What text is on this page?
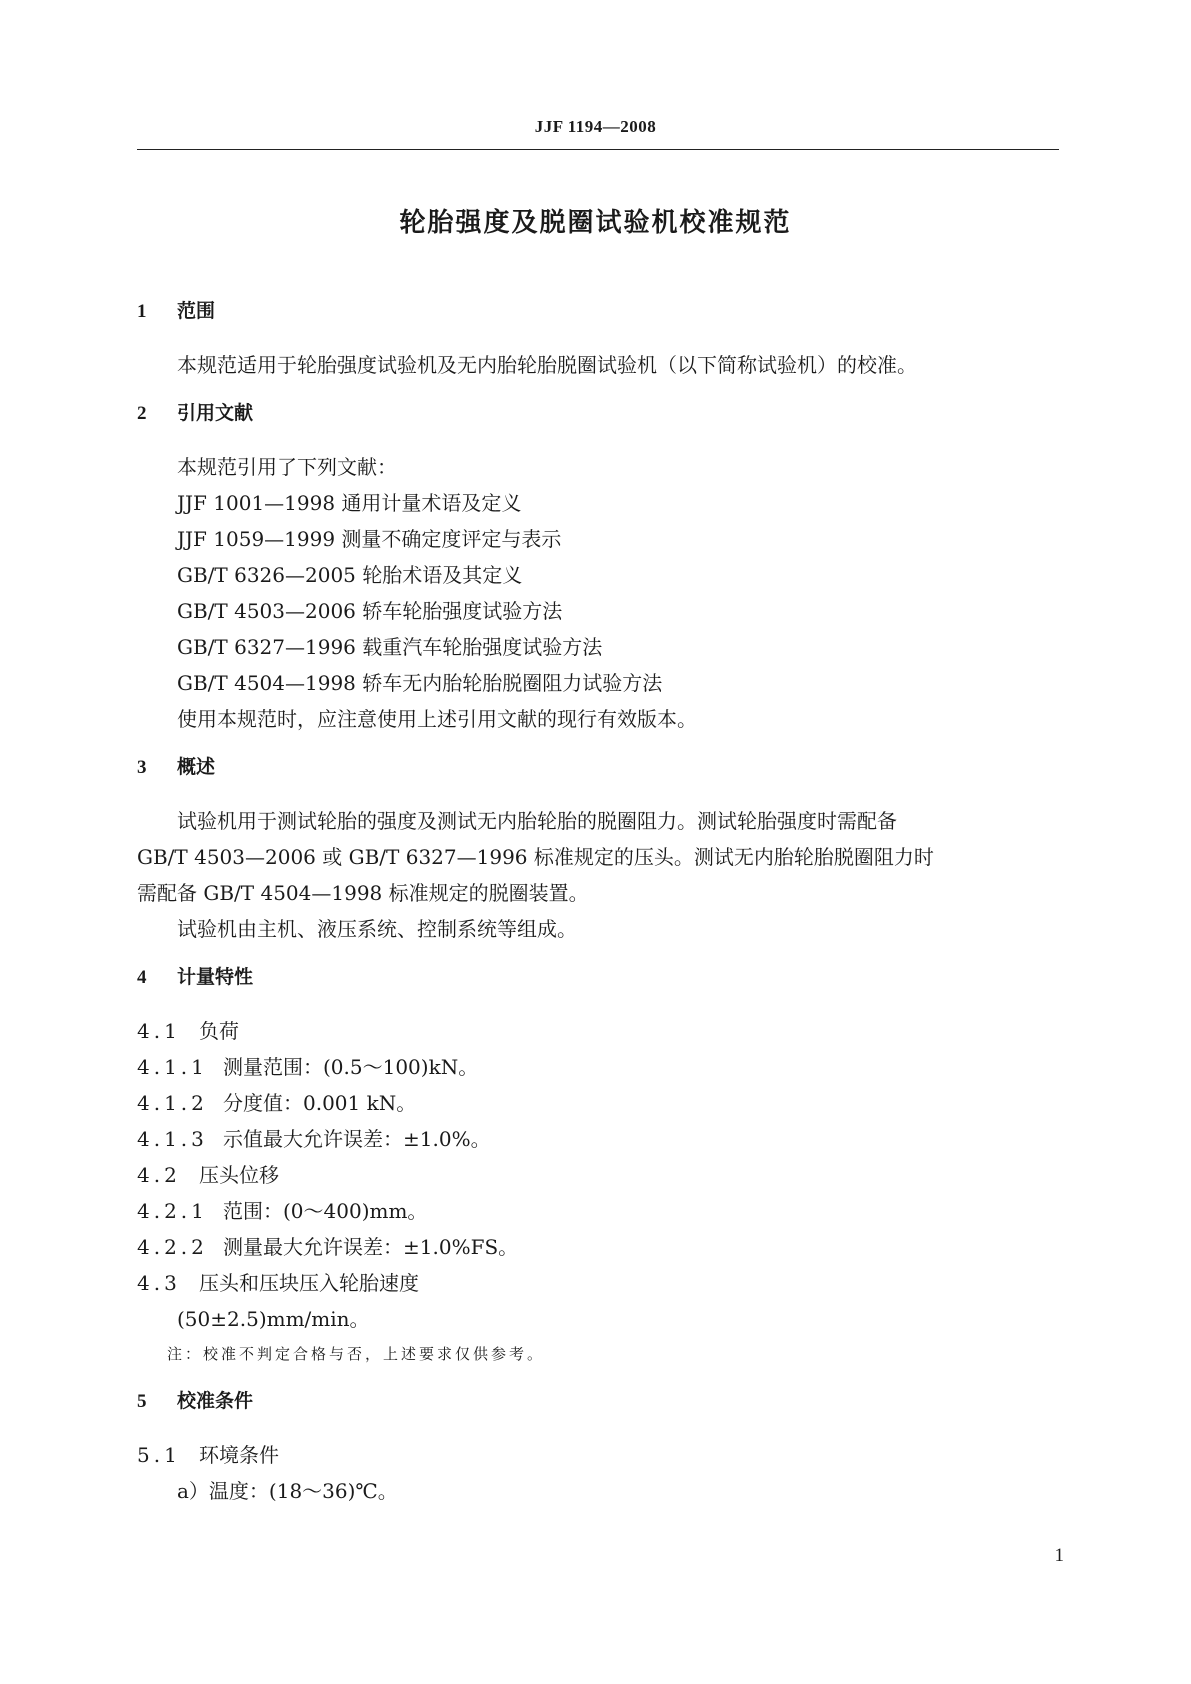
JJF 1194—2008
轮胎强度及脱圈试验机校准规范
1 范围
本规范适用于轮胎强度试验机及无内胎轮胎脱圈试验机（以下简称试验机）的校准。
2 引用文献
本规范引用了下列文献：
JJF 1001—1998 通用计量术语及定义
JJF 1059—1999 测量不确定度评定与表示
GB/T 6326—2005 轮胎术语及其定义
GB/T 4503—2006 轿车轮胎强度试验方法
GB/T 6327—1996 载重汽车轮胎强度试验方法
GB/T 4504—1998 轿车无内胎轮胎脱圈阻力试验方法
使用本规范时，应注意使用上述引用文献的现行有效版本。
3 概述
试验机用于测试轮胎的强度及测试无内胎轮胎的脱圈阻力。测试轮胎强度时需配备
GB/T 4503—2006 或 GB/T 6327—1996 标准规定的压头。测试无内胎轮胎脱圈阻力时
需配备 GB/T 4504—1998 标准规定的脱圈装置。
试验机由主机、液压系统、控制系统等组成。
4 计量特性
4.1 负荷
4.1.1 测量范围：(0.5～100)kN。
4.1.2 分度值：0.001 kN。
4.1.3 示值最大允许误差：±1.0%。
4.2 压头位移
4.2.1 范围：(0～400)mm。
4.2.2 测量最大允许误差：±1.0%FS。
4.3 压头和压块压入轮胎速度
(50±2.5)mm/min。
注：校准不判定合格与否，上述要求仅供参考。
5 校准条件
5.1 环境条件
a）温度：(18～36)℃。
1
